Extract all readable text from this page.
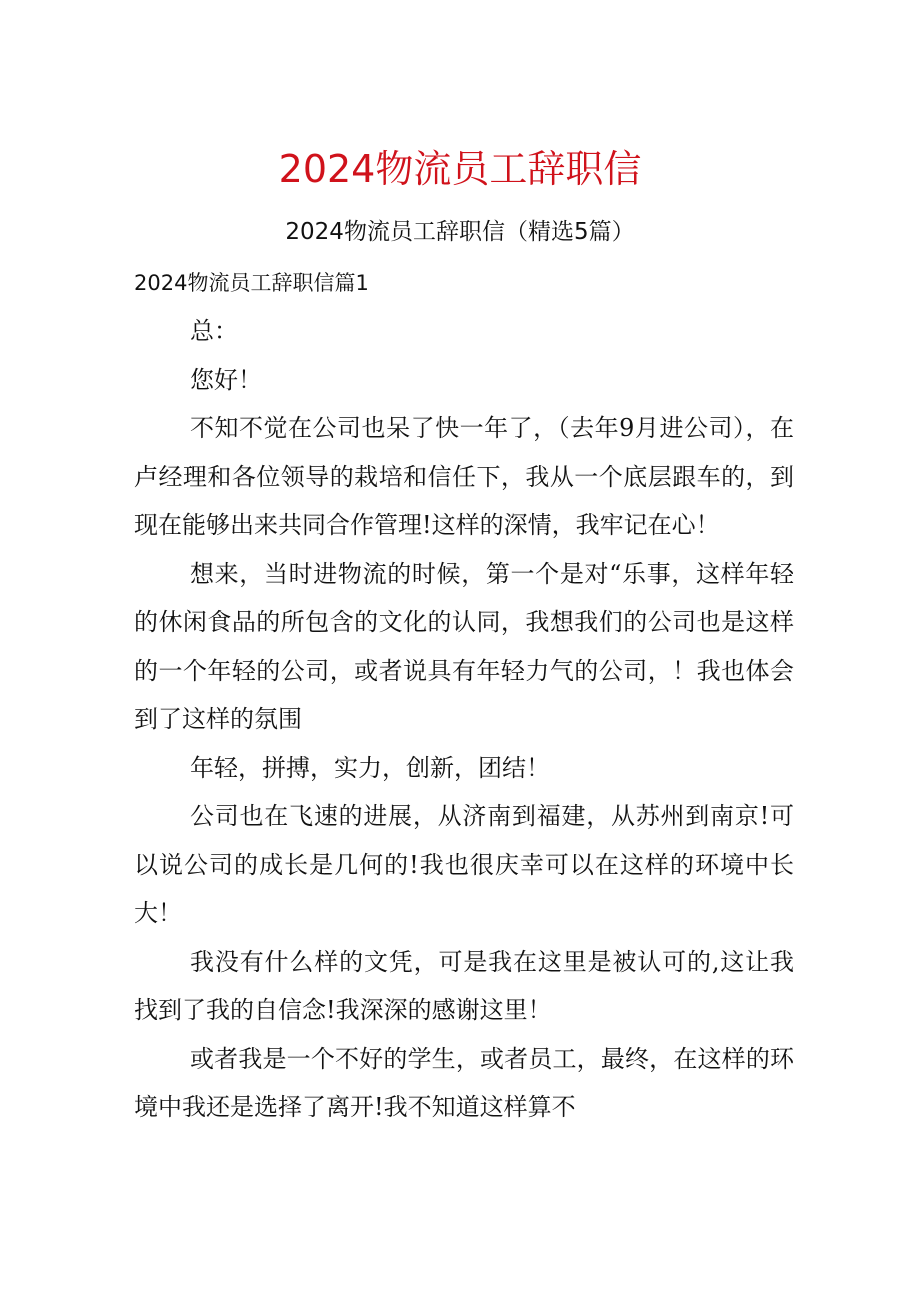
2024物流员工辞职信
2024物流员工辞职信（精选5篇）
2024物流员工辞职信篇1

总：

您好！

不知不觉在公司也呆了快一年了，（去年9月进公司），在卢经理和各位领导的栽培和信任下，我从一个底层跟车的，到现在能够出来共同合作管理!这样的深情，我牢记在心！

想来，当时进物流的时候，第一个是对“乐事，这样年轻的休闲食品的所包含的文化的认同，我想我们的公司也是这样的一个年轻的公司，或者说具有年轻力气的公司，！我也体会到了这样的氛围

年轻，拼搏，实力，创新，团结！

公司也在飞速的进展，从济南到福建，从苏州到南京!可以说公司的成长是几何的!我也很庆幸可以在这样的环境中长大！

我没有什么样的文凭，可是我在这里是被认可的,这让我找到了我的自信念!我深深的感谢这里！

或者我是一个不好的学生，或者员工，最终，在这样的环境中我还是选择了离开!我不知道这样算不
